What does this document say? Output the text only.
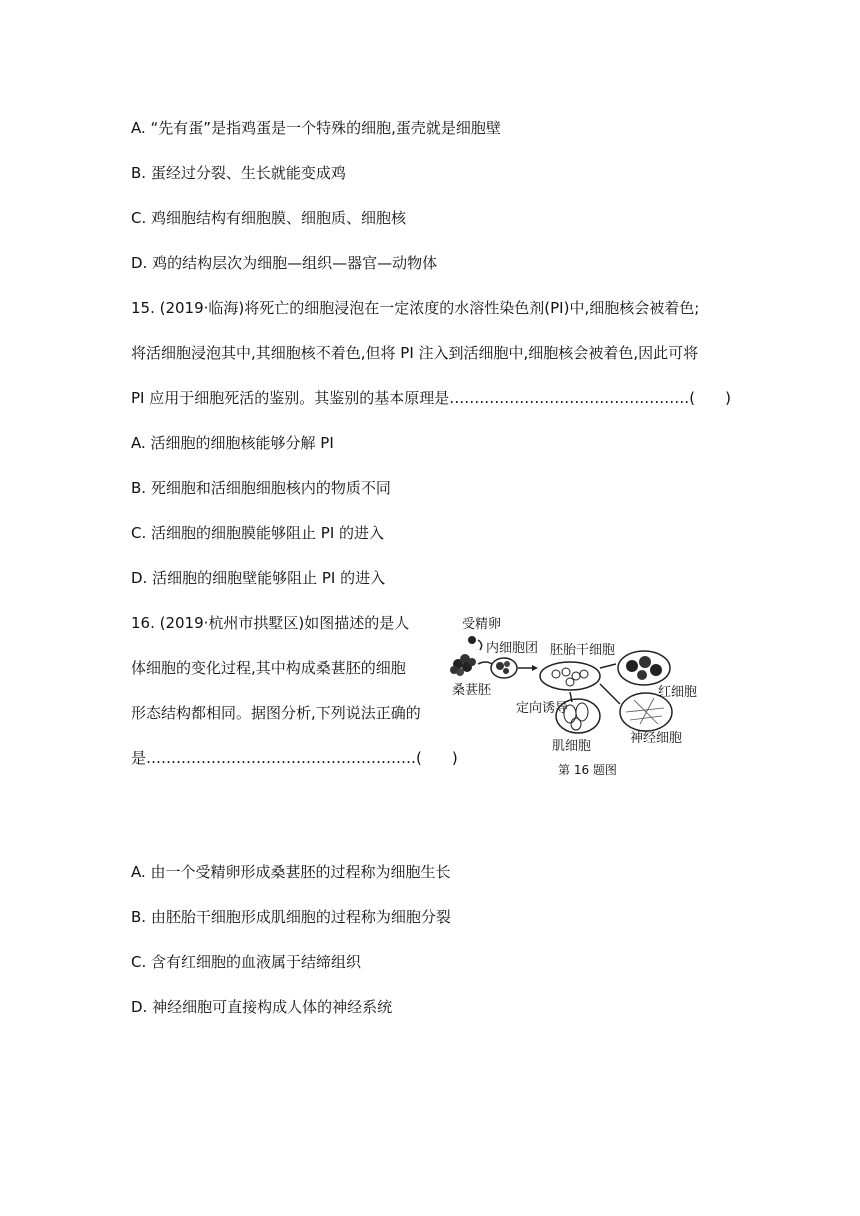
A. “先有蛋”是指鸡蛋是一个特殊的细胞,蛋壳就是细胞壁
B. 蛋经过分裂、生长就能变成鸡
C. 鸡细胞结构有细胞膜、细胞质、细胞核
D. 鸡的结构层次为细胞—组织—器官—动物体
15. (2019·临海)将死亡的细胞浸泡在一定浓度的水溶性染色剂(PI)中,细胞核会被着色;
将活细胞浸泡其中,其细胞核不着色,但将 PI 注入到活细胞中,细胞核会被着色,因此可将
PI 应用于细胞死活的鉴别。其鉴别的基本原理是…………………………………………(　　)
A. 活细胞的细胞核能够分解 PI
B. 死细胞和活细胞细胞核内的物质不同
C. 活细胞的细胞膜能够阻止 PI 的进入
D. 活细胞的细胞壁能够阻止 PI 的进入
16. (2019·杭州市拱墅区)如图描述的是人
体细胞的变化过程,其中构成桑葚胚的细胞
形态结构都相同。据图分析,下列说法正确的
是………………………………………………(　　)
受精卵
内细胞团 胚胎干细胞
桑葚胚
定向诱导
红细胞
肌细胞
神经细胞
第 16 题图
A. 由一个受精卵形成桑葚胚的过程称为细胞生长
B. 由胚胎干细胞形成肌细胞的过程称为细胞分裂
C. 含有红细胞的血液属于结缔组织
D. 神经细胞可直接构成人体的神经系统
